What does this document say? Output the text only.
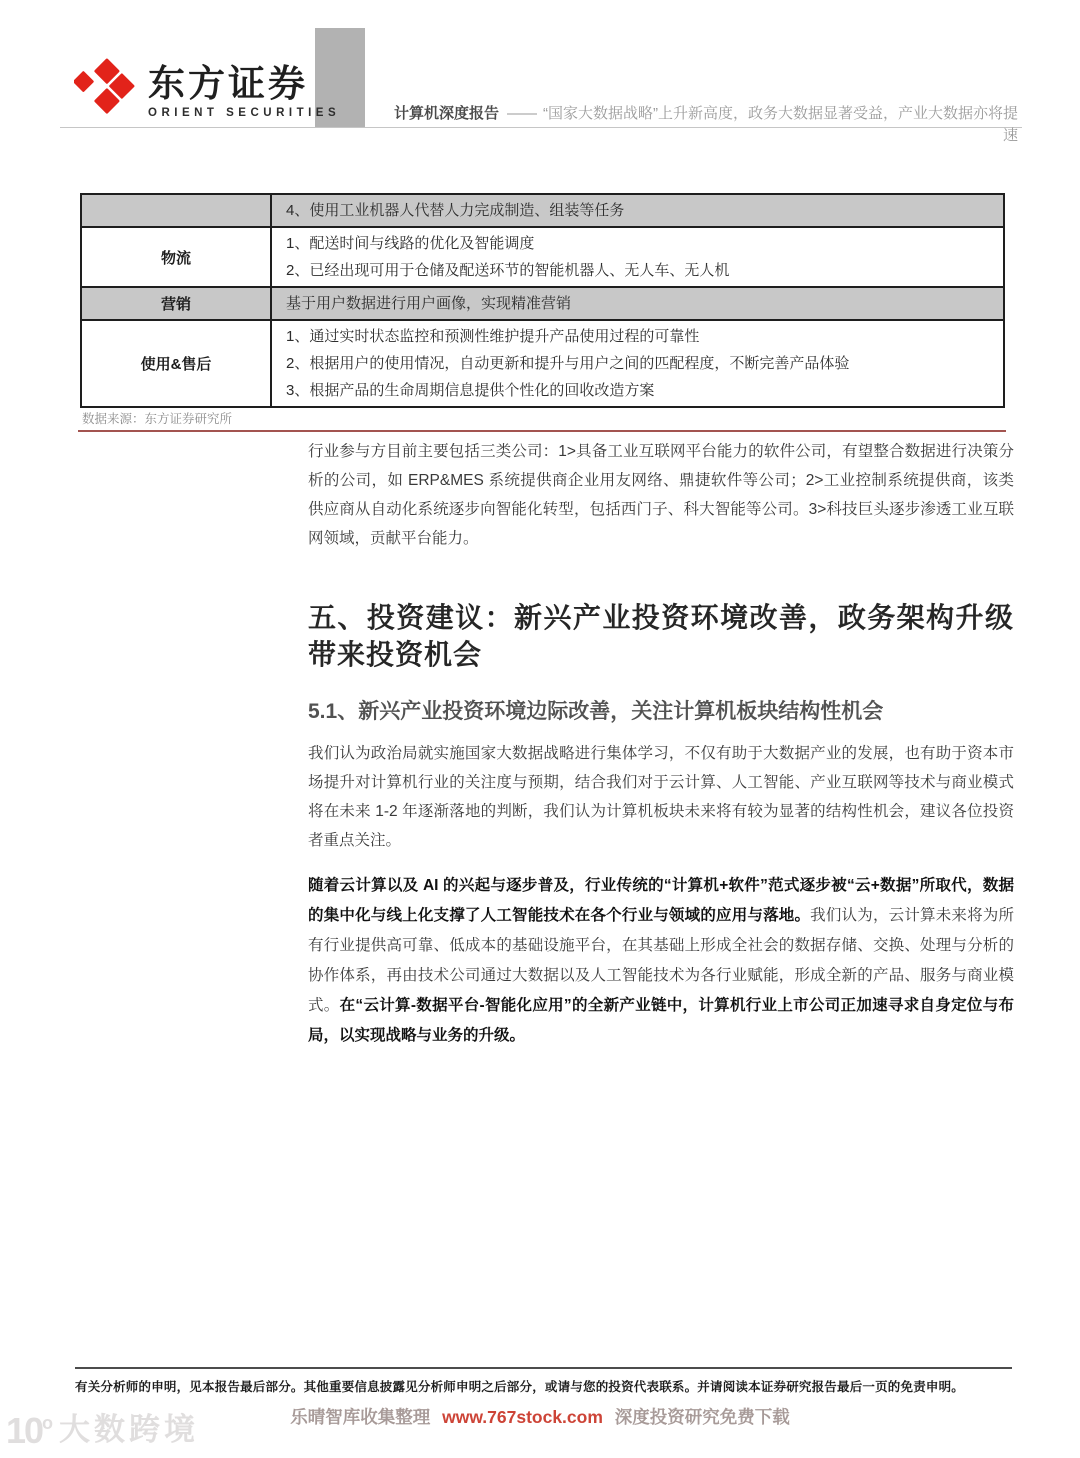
东方证券
ORIENT SECURITIES	计算机深度报告 —— “国家大数据战略”上升新高度，政务大数据显著受益，产业大数据亦将提速
4、使用工业机器人代替人力完成制造、组装等任务
物流
1、配送时间与线路的优化及智能调度
2、已经出现可用于仓储及配送环节的智能机器人、无人车、无人机
营销	基于用户数据进行用户画像，实现精准营销
使用&售后
1、通过实时状态监控和预测性维护提升产品使用过程的可靠性
2、根据用户的使用情况，自动更新和提升与用户之间的匹配程度，不断完善产品体验
3、根据产品的生命周期信息提供个性化的回收改造方案
数据来源：东方证券研究所

行业参与方目前主要包括三类公司：1>具备工业互联网平台能力的软件公司，有望整合数据进行决策分析的公司，如 ERP&MES 系统提供商企业用友网络、鼎捷软件等公司；2>工业控制系统提供商，该类供应商从自动化系统逐步向智能化转型，包括西门子、科大智能等公司。3>科技巨头逐步渗透工业互联网领域，贡献平台能力。

五、投资建议：新兴产业投资环境改善，政务架构升级带来投资机会
5.1、新兴产业投资环境边际改善，关注计算机板块结构性机会

我们认为政治局就实施国家大数据战略进行集体学习，不仅有助于大数据产业的发展，也有助于资本市场提升对计算机行业的关注度与预期，结合我们对于云计算、人工智能、产业互联网等技术与商业模式将在未来 1-2 年逐渐落地的判断，我们认为计算机板块未来将有较为显著的结构性机会，建议各位投资者重点关注。

随着云计算以及 AI 的兴起与逐步普及，行业传统的“计算机+软件”范式逐步被“云+数据”所取代，数据的集中化与线上化支撑了人工智能技术在各个行业与领域的应用与落地。我们认为，云计算未来将为所有行业提供高可靠、低成本的基础设施平台，在其基础上形成全社会的数据存储、交换、处理与分析的协作体系，再由技术公司通过大数据以及人工智能技术为各行业赋能，形成全新的产品、服务与商业模式。在“云计算-数据平台-智能化应用”的全新产业链中，计算机行业上市公司正加速寻求自身定位与布局，以实现战略与业务的升级。

有关分析师的申明，见本报告最后部分。其他重要信息披露见分析师申明之后部分，或请与您的投资代表联系。并请阅读本证券研究报告最后一页的免责申明。
乐晴智库收集整理 www.767stock.com 深度投资研究免费下载
10$^o$ 大数跨境
